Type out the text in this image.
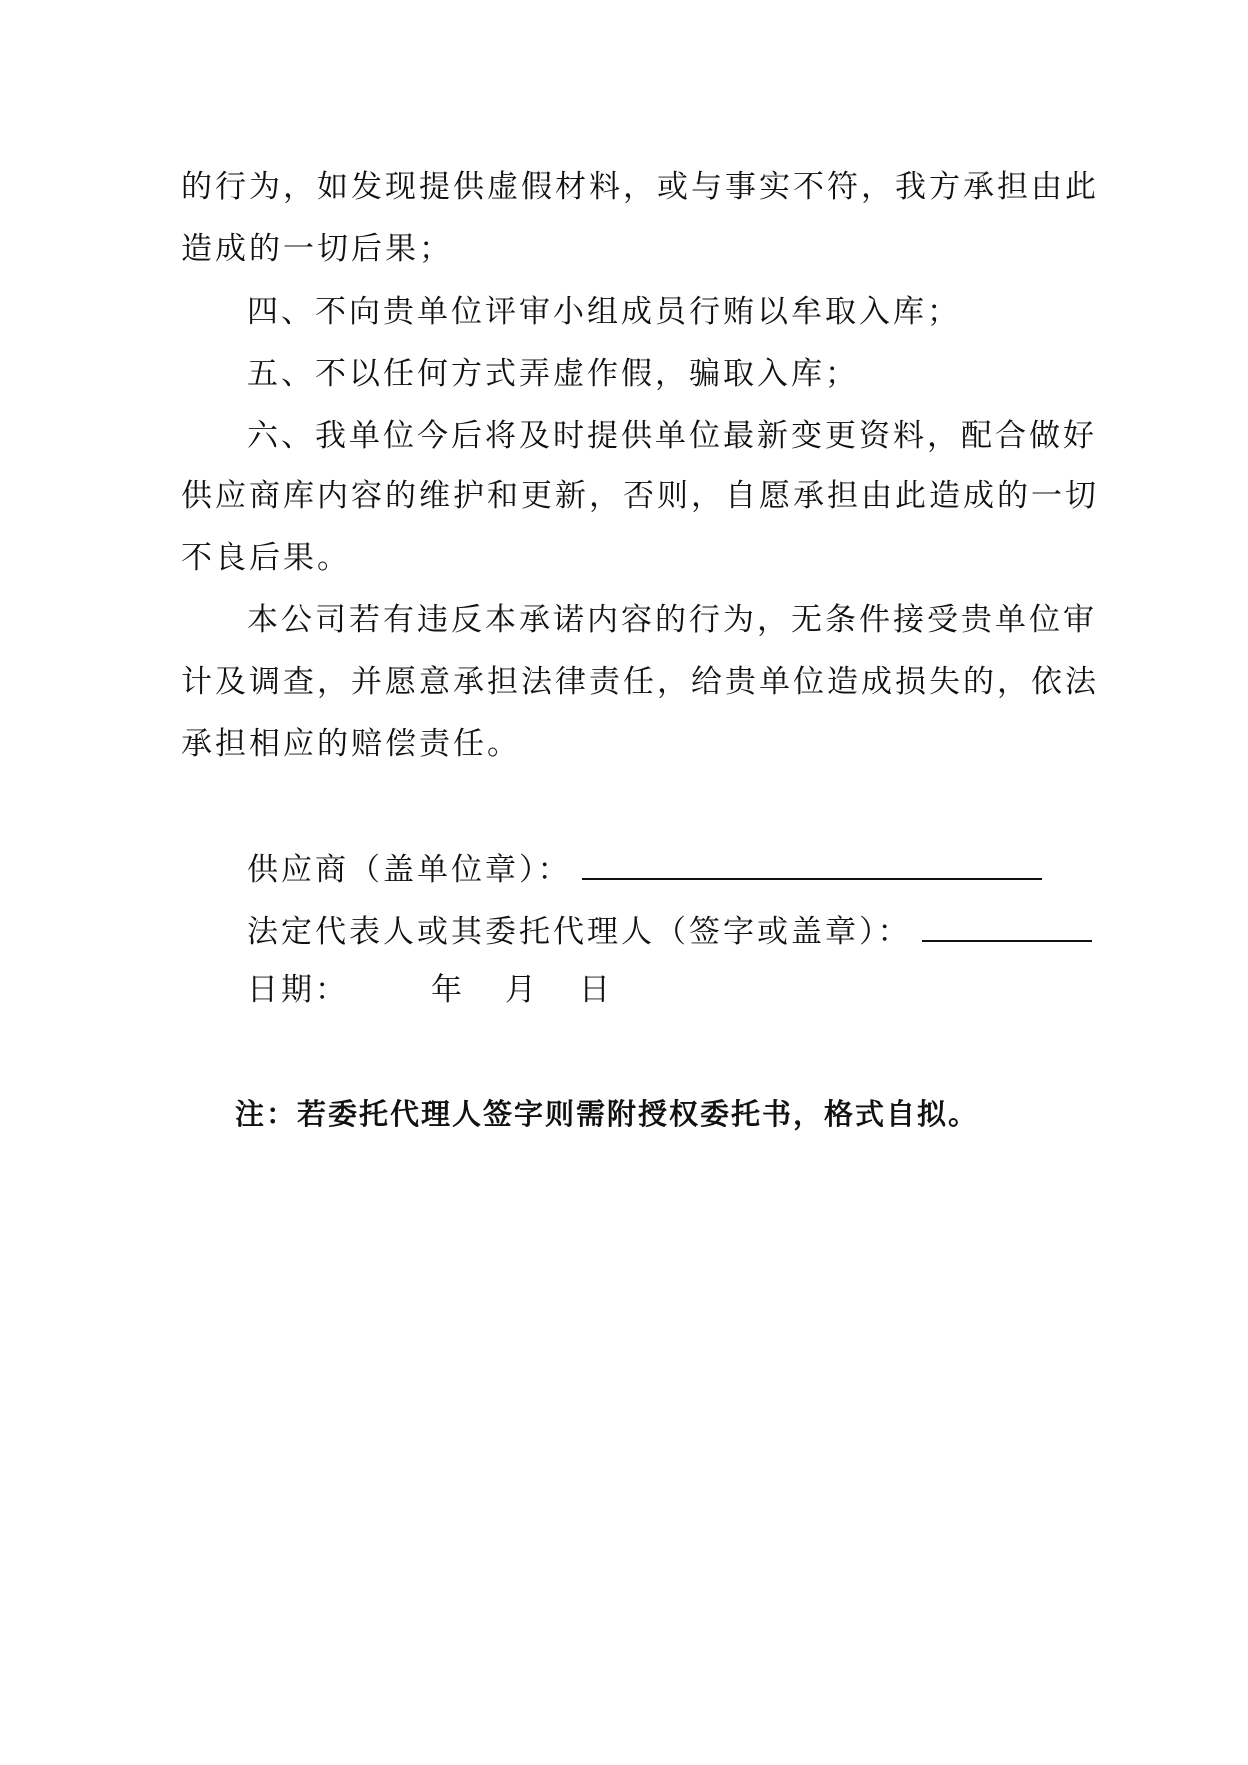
的行为，如发现提供虚假材料，或与事实不符，我方承担由此
造成的一切后果；
四、不向贵单位评审小组成员行贿以牟取入库；
五、不以任何方式弄虚作假，骗取入库；
六、我单位今后将及时提供单位最新变更资料，配合做好
供应商库内容的维护和更新，否则，自愿承担由此造成的一切
不良后果。
本公司若有违反本承诺内容的行为，无条件接受贵单位审
计及调查，并愿意承担法律责任，给贵单位造成损失的，依法
承担相应的赔偿责任。
供应商（盖单位章）：
法定代表人或其委托代理人（签字或盖章）：
日期：	年 月 日
注：若委托代理人签字则需附授权委托书，格式自拟。
